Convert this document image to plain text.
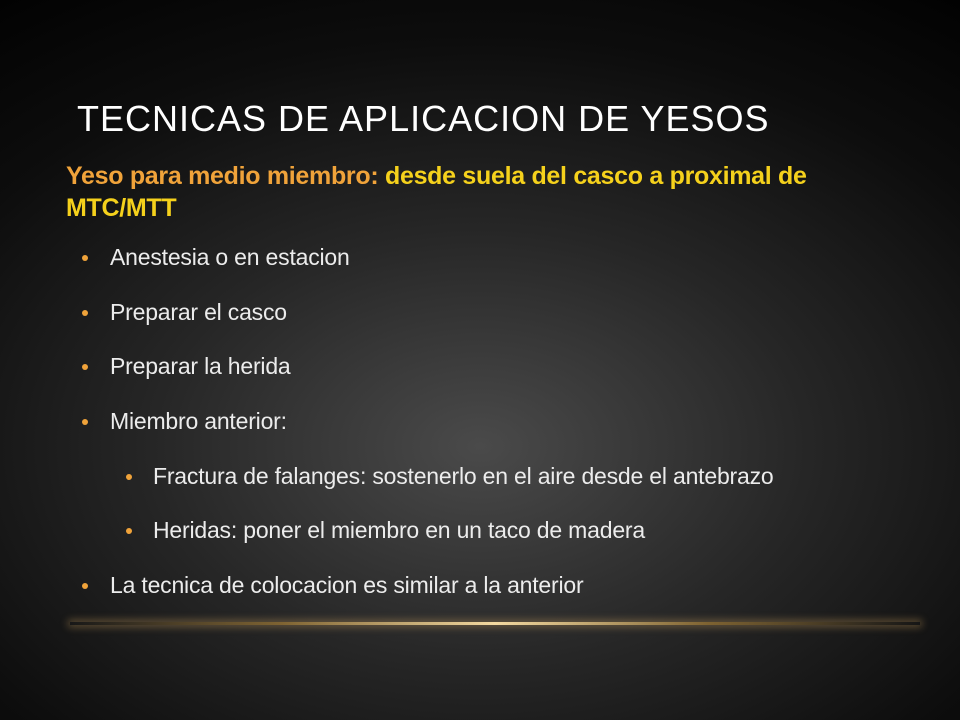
TECNICAS DE APLICACION DE YESOS
Yeso para medio miembro: desde suela del casco a proximal de MTC/MTT
Anestesia o en estacion
Preparar el casco
Preparar la herida
Miembro anterior:
Fractura de falanges: sostenerlo en el aire desde el antebrazo
Heridas: poner el miembro en un taco de madera
La tecnica de colocacion es similar a la anterior
